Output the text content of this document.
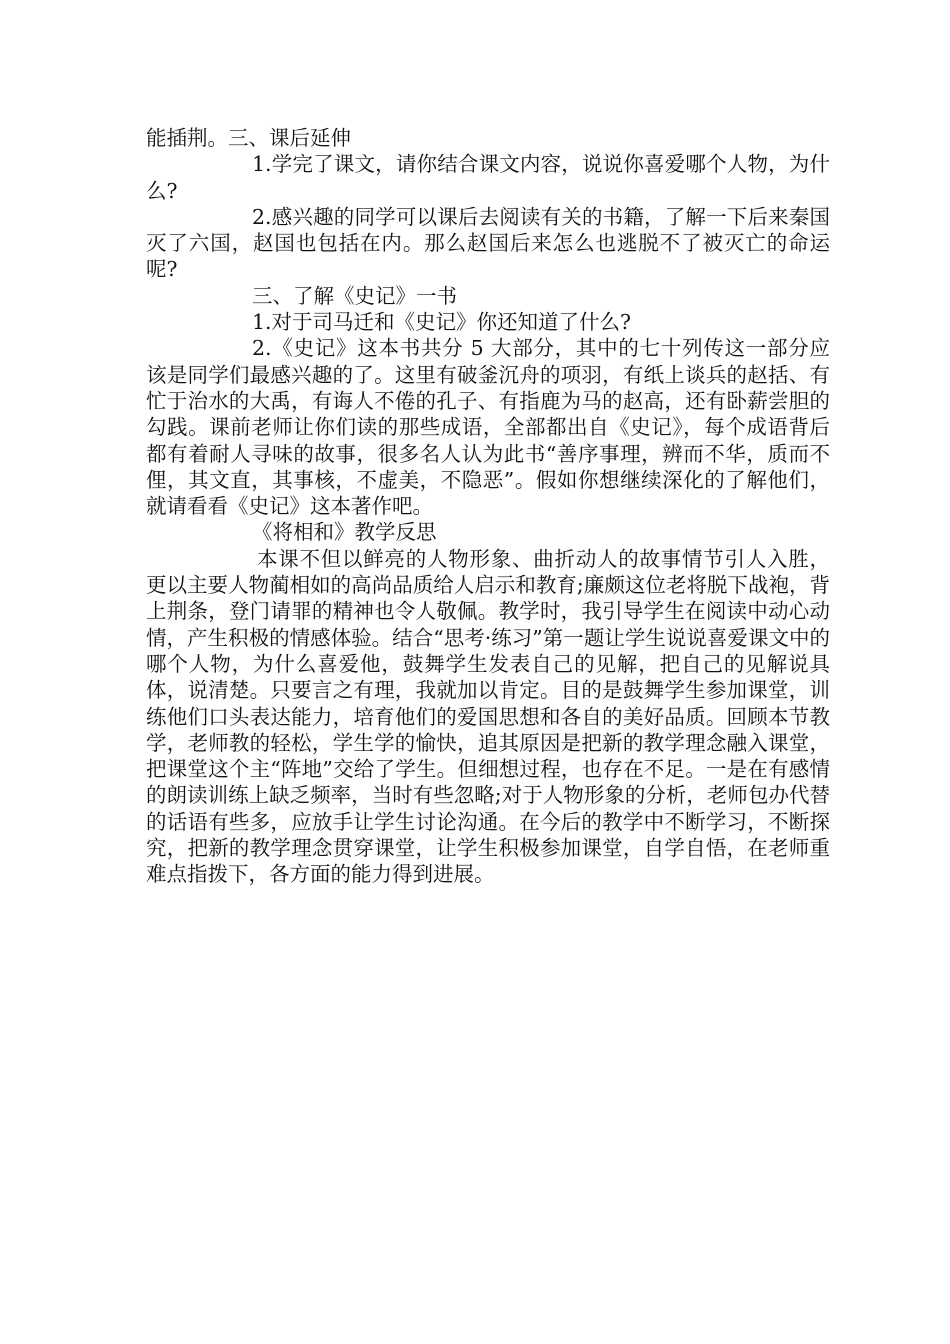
能插荆。三、课后延伸

1.学完了课文，请你结合课文内容，说说你喜爱哪个人物，为什么?

2.感兴趣的同学可以课后去阅读有关的书籍，了解一下后来秦国灭了六国，赵国也包括在内。那么赵国后来怎么也逃脱不了被灭亡的命运呢?

三、了解《史记》一书

1.对于司马迁和《史记》你还知道了什么?

2.《史记》这本书共分 5 大部分，其中的七十列传这一部分应该是同学们最感兴趣的了。这里有破釜沉舟的项羽，有纸上谈兵的赵括、有忙于治水的大禹，有诲人不倦的孔子、有指鹿为马的赵高，还有卧薪尝胆的勾践。课前老师让你们读的那些成语，全部都出自《史记》，每个成语背后都有着耐人寻味的故事，很多名人认为此书“善序事理，辨而不华，质而不俚，其文直，其事核，不虚美，不隐恶”。假如你想继续深化的了解他们，就请看看《史记》这本著作吧。

《将相和》教学反思

本课不但以鲜亮的人物形象、曲折动人的故事情节引人入胜，更以主要人物蔺相如的高尚品质给人启示和教育;廉颇这位老将脱下战袍，背上荆条，登门请罪的精神也令人敬佩。教学时，我引导学生在阅读中动心动情，产生积极的情感体验。结合“思考·练习”第一题让学生说说喜爱课文中的哪个人物，为什么喜爱他，鼓舞学生发表自己的见解，把自己的见解说具体，说清楚。只要言之有理，我就加以肯定。目的是鼓舞学生参加课堂，训练他们口头表达能力，培育他们的爱国思想和各自的美好品质。回顾本节教学，老师教的轻松，学生学的愉快，追其原因是把新的教学理念融入课堂，把课堂这个主“阵地”交给了学生。但细想过程，也存在不足。一是在有感情的朗读训练上缺乏频率，当时有些忽略;对于人物形象的分析，老师包办代替的话语有些多，应放手让学生讨论沟通。在今后的教学中不断学习，不断探究，把新的教学理念贯穿课堂，让学生积极参加课堂，自学自悟，在老师重难点指拨下，各方面的能力得到进展。
